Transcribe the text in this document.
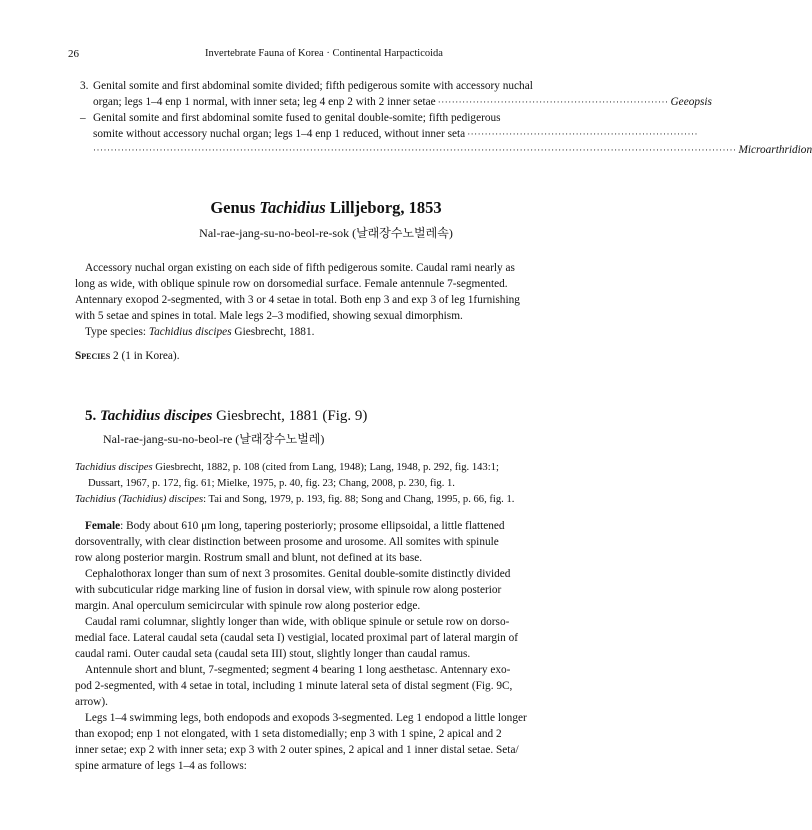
26	Invertebrate Fauna of Korea · Continental Harpacticoida
3. Genital somite and first abdominal somite divided; fifth pedigerous somite with accessory nuchal
organ; legs 1–4 enp 1 normal, with inner seta; leg 4 enp 2 with 2 inner setae ·································································· Geeopsis
– Genital somite and first abdominal somite fused to genital double-somite; fifth pedigerous
somite without accessory nuchal organ; legs 1–4 enp 1 reduced, without inner seta ··································································
························································································································································································ Microarthridion
Genus Tachidius Lilljeborg, 1853
Nal-rae-jang-su-no-beol-re-sok (날래장수노벌레속)
Accessory nuchal organ existing on each side of fifth pedigerous somite. Caudal rami nearly as
long as wide, with oblique spinule row on dorsomedial surface. Female antennule 7-segmented.
Antennary exopod 2-segmented, with 3 or 4 setae in total. Both enp 3 and exp 3 of leg 1furnishing
with 5 setae and spines in total. Male legs 2–3 modified, showing sexual dimorphism.
Type species: Tachidius discipes Giesbrecht, 1881.
Species 2 (1 in Korea).
5. Tachidius discipes Giesbrecht, 1881 (Fig. 9)
Nal-rae-jang-su-no-beol-re (날래장수노벌레)
Tachidius discipes Giesbrecht, 1882, p. 108 (cited from Lang, 1948); Lang, 1948, p. 292, fig. 143:1;
Dussart, 1967, p. 172, fig. 61; Mielke, 1975, p. 40, fig. 23; Chang, 2008, p. 230, fig. 1.
Tachidius (Tachidius) discipes: Tai and Song, 1979, p. 193, fig. 88; Song and Chang, 1995, p. 66, fig. 1.
Female: Body about 610 μm long, tapering posteriorly; prosome ellipsoidal, a little flattened
dorsoventrally, with clear distinction between prosome and urosome. All somites with spinule
row along posterior margin. Rostrum small and blunt, not defined at its base.
Cephalothorax longer than sum of next 3 prosomites. Genital double-somite distinctly divided
with subcuticular ridge marking line of fusion in dorsal view, with spinule row along posterior
margin. Anal operculum semicircular with spinule row along posterior edge.
Caudal rami columnar, slightly longer than wide, with oblique spinule or setule row on dorso-
medial face. Lateral caudal seta (caudal seta I) vestigial, located proximal part of lateral margin of
caudal rami. Outer caudal seta (caudal seta III) stout, slightly longer than caudal ramus.
Antennule short and blunt, 7-segmented; segment 4 bearing 1 long aesthetasc. Antennary exo-
pod 2-segmented, with 4 setae in total, including 1 minute lateral seta of distal segment (Fig. 9C,
arrow).
Legs 1–4 swimming legs, both endopods and exopods 3-segmented. Leg 1 endopod a little longer
than exopod; enp 1 not elongated, with 1 seta distomedially; enp 3 with 1 spine, 2 apical and 2
inner setae; exp 2 with inner seta; exp 3 with 2 outer spines, 2 apical and 1 inner distal setae. Seta/
spine armature of legs 1–4 as follows:
